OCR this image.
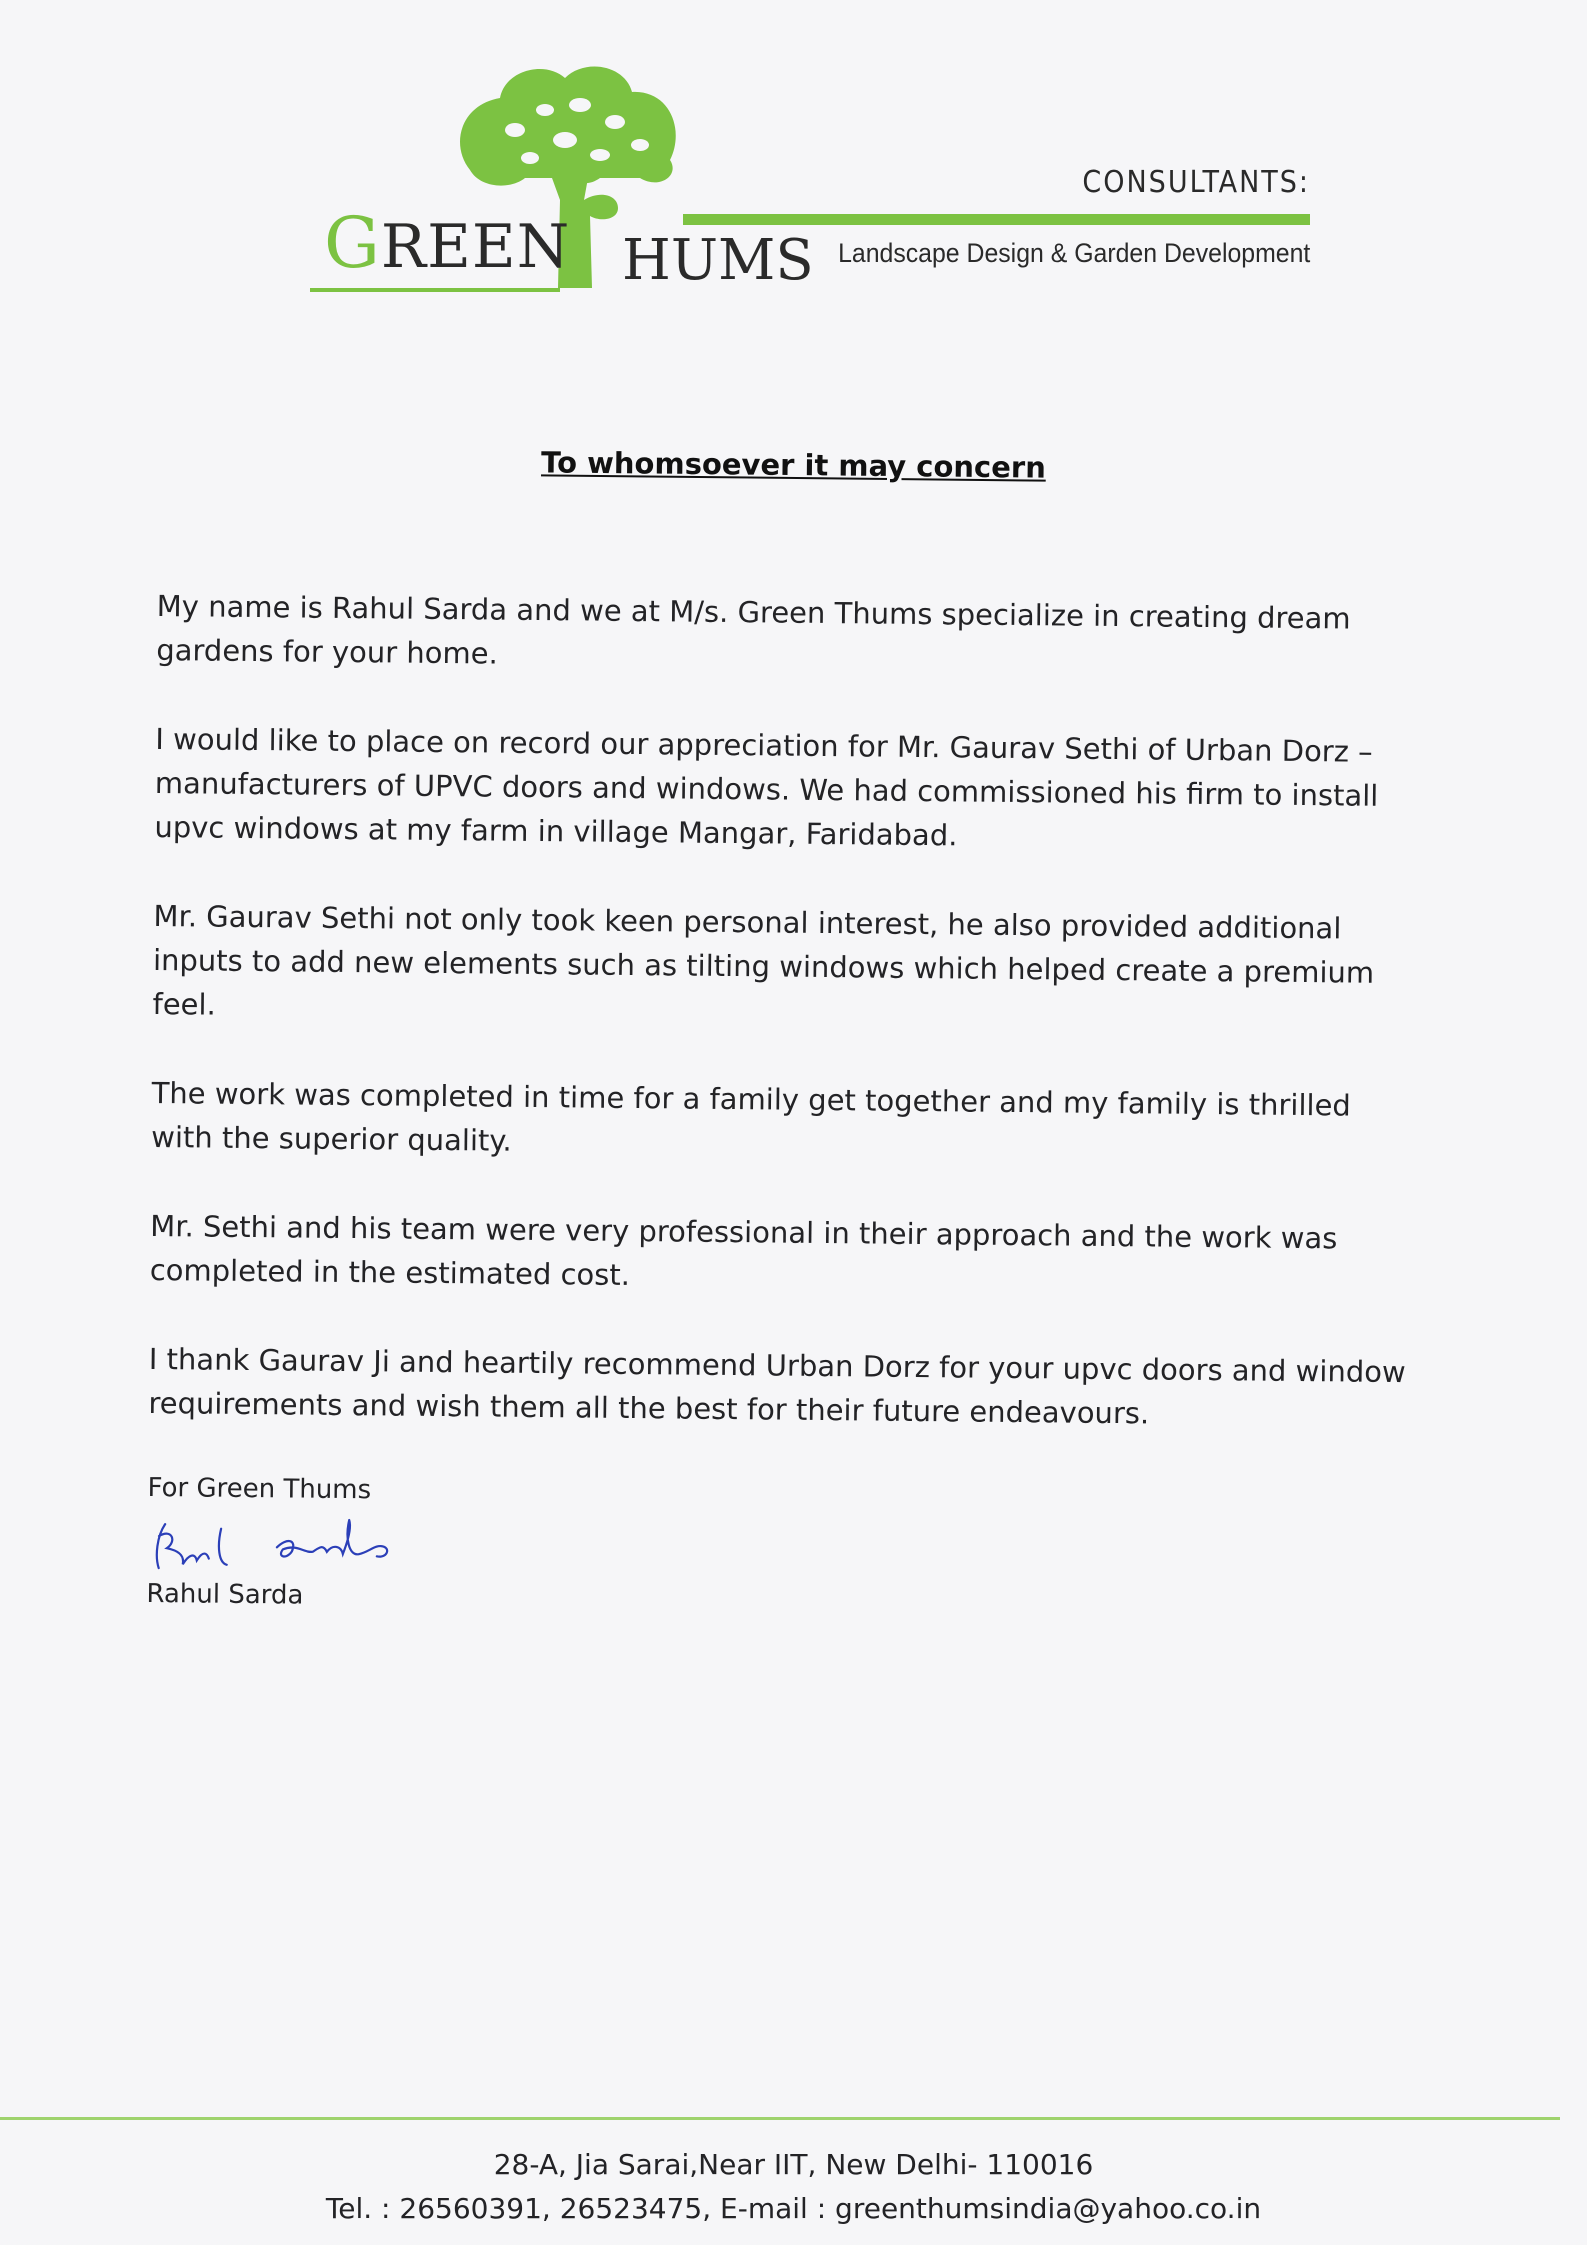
GREEN HUMS
CONSULTANTS:
Landscape Design & Garden Development
To whomsoever it may concern

My name is Rahul Sarda and we at M/s. Green Thums specialize in creating dream gardens for your home.

I would like to place on record our appreciation for Mr. Gaurav Sethi of Urban Dorz – manufacturers of UPVC doors and windows. We had commissioned his firm to install upvc windows at my farm in village Mangar, Faridabad.

Mr. Gaurav Sethi not only took keen personal interest, he also provided additional inputs to add new elements such as tilting windows which helped create a premium feel.

The work was completed in time for a family get together and my family is thrilled with the superior quality.

Mr. Sethi and his team were very professional in their approach and the work was completed in the estimated cost.

I thank Gaurav Ji and heartily recommend Urban Dorz for your upvc doors and window requirements and wish them all the best for their future endeavours.

For Green Thums
Rahul Sarda
28-A, Jia Sarai,Near IIT, New Delhi- 110016
Tel. : 26560391, 26523475, E-mail : greenthumsindia@yahoo.co.in
